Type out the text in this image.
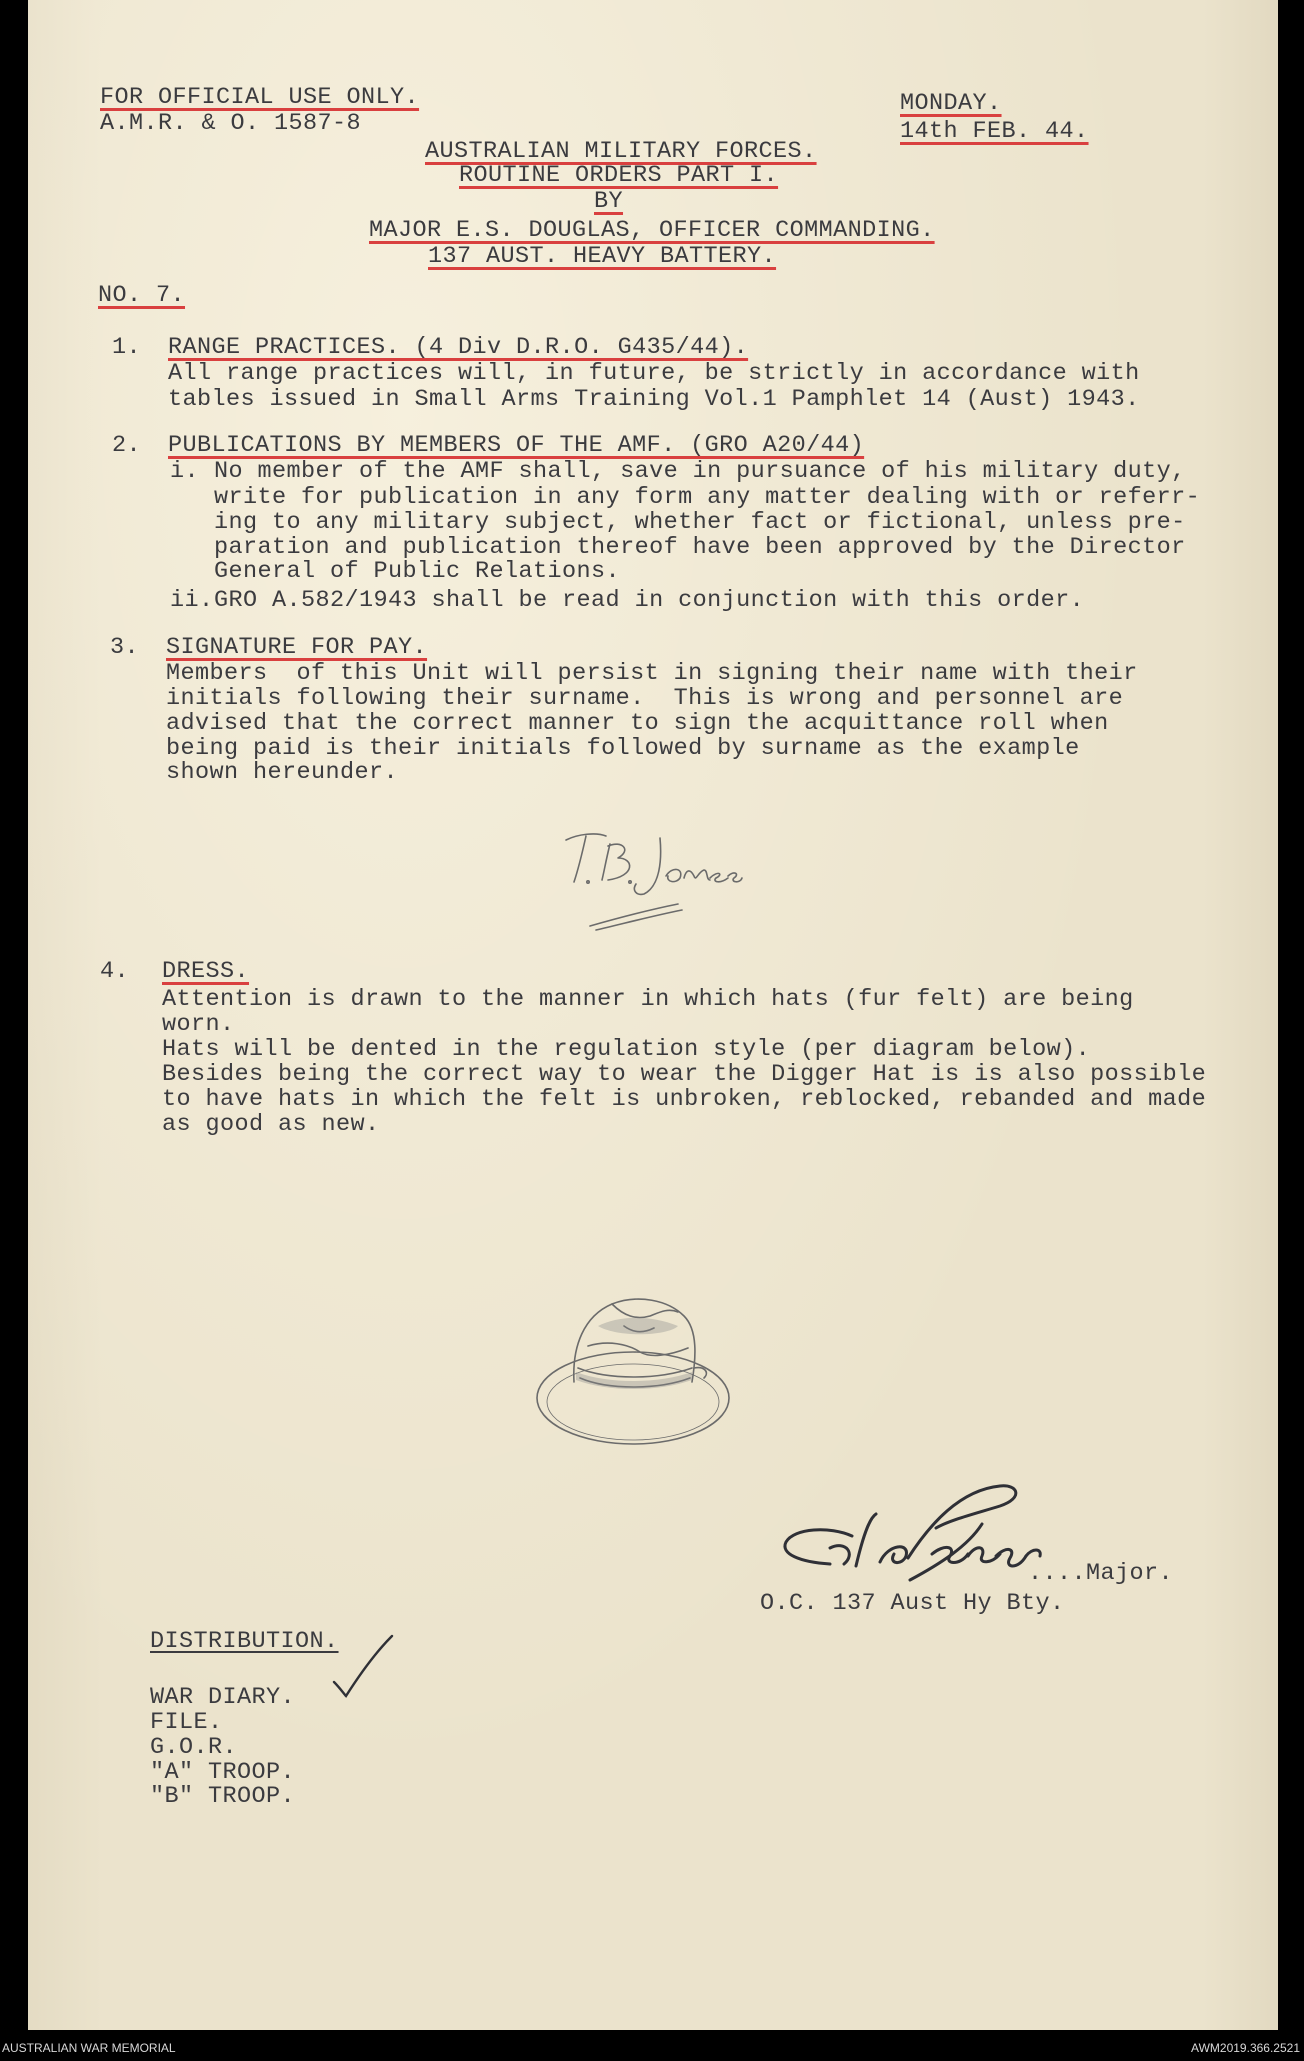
FOR OFFICIAL USE ONLY.
A.M.R. & O. 1587-8
MONDAY.
14th FEB. 44.
AUSTRALIAN MILITARY FORCES.
ROUTINE ORDERS PART I.
BY
MAJOR E.S. DOUGLAS, OFFICER COMMANDING.
137 AUST. HEAVY BATTERY.
NO. 7.
1. RANGE PRACTICES. (4 Div D.R.O. G435/44).
All range practices will, in future, be strictly in accordance with
tables issued in Small Arms Training Vol.1 Pamphlet 14 (Aust) 1943.
2. PUBLICATIONS BY MEMBERS OF THE AMF. (GRO A20/44)
i. No member of the AMF shall, save in pursuance of his military duty,
write for publication in any form any matter dealing with or referr-
ing to any military subject, whether fact or fictional, unless pre-
paration and publication thereof have been approved by the Director
General of Public Relations.
ii. GRO A.582/1943 shall be read in conjunction with this order.
3. SIGNATURE FOR PAY.
Members  of this Unit will persist in signing their name with their
initials following their surname.  This is wrong and personnel are
advised that the correct manner to sign the acquittance roll when
being paid is their initials followed by surname as the example
shown hereunder.
4. DRESS.
Attention is drawn to the manner in which hats (fur felt) are being
worn.
Hats will be dented in the regulation style (per diagram below).
Besides being the correct way to wear the Digger Hat is is also possible
to have hats in which the felt is unbroken, reblocked, rebanded and made
as good as new.
....Major.
O.C. 137 Aust Hy Bty.
DISTRIBUTION.
WAR DIARY.
FILE.
G.O.R.
"A" TROOP.
"B" TROOP.
AUSTRALIAN WAR MEMORIAL	AWM2019.366.2521
